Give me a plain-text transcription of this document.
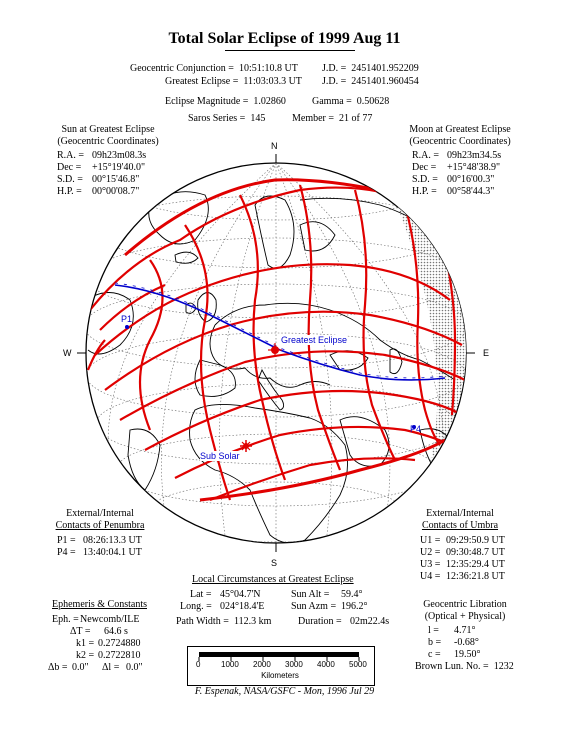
Total Solar Eclipse of 1999 Aug 11
Geocentric Conjunction = 10:51:10.8 UT J.D. = 2451401.952209
Greatest Eclipse = 11:03:03.3 UT J.D. = 2451401.960454
Eclipse Magnitude = 1.02860	Gamma = 0.50628
Saros Series = 145	Member = 21 of 77
Sun at Greatest Eclipse
(Geocentric Coordinates)
R.A. = 09h23m08.3s
Dec =	+15°19'40.0"
S.D. = 00°15'46.8"
H.P. =	00°00'08.7"
Moon at Greatest Eclipse
(Geocentric Coordinates)
R.A. = 09h23m34.5s
Dec =	+15°48'38.9"
S.D. = 00°16'00.3"
H.P. =	00°58'44.3"
N
S
W	E
P1
P4
Greatest Eclipse
Sub Solar
External/Internal
Contacts of Penumbra
P1 = 08:26:13.3 UT
P4 = 13:40:04.1 UT
External/Internal
Contacts of Umbra
U1 = 09:29:50.9 UT
U2 = 09:30:48.7 UT
U3 = 12:35:29.4 UT
U4 = 12:36:21.8 UT
Local Circumstances at Greatest Eclipse
Lat = 45°04.7'N	Sun Alt = 59.4°
Long. = 024°18.4'E	Sun Azm = 196.2°
Path Width = 112.3 km	Duration = 02m22.4s
Ephemeris & Constants
Eph. =Newcomb/ILE
ΔT = 64.6 s
k1 = 0.2724880
k2 = 0.2722810
Δb = 0.0" Δl = 0.0"
Geocentric Libration
(Optical + Physical)
l = 4.71°
b = -0.68°
c = 19.50°
Brown Lun. No. = 1232
0	1000 2000 3000 4000 5000
Kilometers
F. Espenak, NASA/GSFC - Mon, 1996 Jul 29
